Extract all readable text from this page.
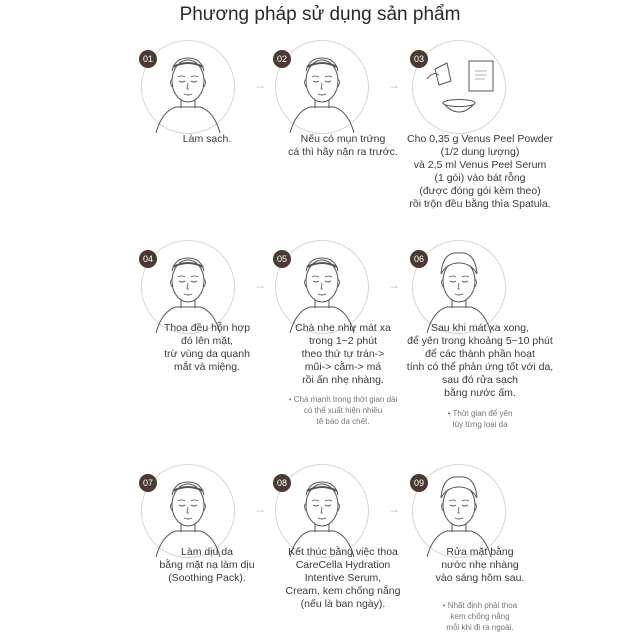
Phương pháp sử dụng sản phẩm
01
Làm sạch.
→
02
Nếu có mụn trứng
cá thì hãy nặn ra trước.
→
03
Cho 0,35 g Venus Peel Powder
(1/2 dung lượng)
và 2,5 ml Venus Peel Serum
(1 gói) vào bát rỗng
(được đóng gói kèm theo)
rồi trộn đều bằng thìa Spatula.
04
Thoa đều hỗn hợp
đó lên mặt,
trừ vùng da quanh
mắt và miệng.
→
05
Chà nhẹ như mát xa
trong 1~2 phút
theo thứ tự trán->
mũi-> cằm-> má
rồi ấn nhẹ nhàng.
• Chà mạnh trong thời gian dài
có thể xuất hiện nhiều
tế bào da chết.
→
06
Sau khi mát xa xong,
để yên trong khoảng 5~10 phút
để các thành phần hoạt
tính có thể phản ứng tốt với da,
sau đó rửa sạch
bằng nước ấm.
• Thời gian để yên
tùy từng loại da
07
Làm dịu da
bằng mặt nạ làm dịu
(Soothing Pack).
→
08
Kết thúc bằng việc thoa
CareCella Hydration
Intentive Serum,
Cream, kem chống nắng
(nếu là ban ngày).
→
09
Rửa mặt bằng
nước nhẹ nhàng
vào sáng hôm sau.
• Nhất định phải thoa
kem chống nắng
mỗi khi đi ra ngoài.
